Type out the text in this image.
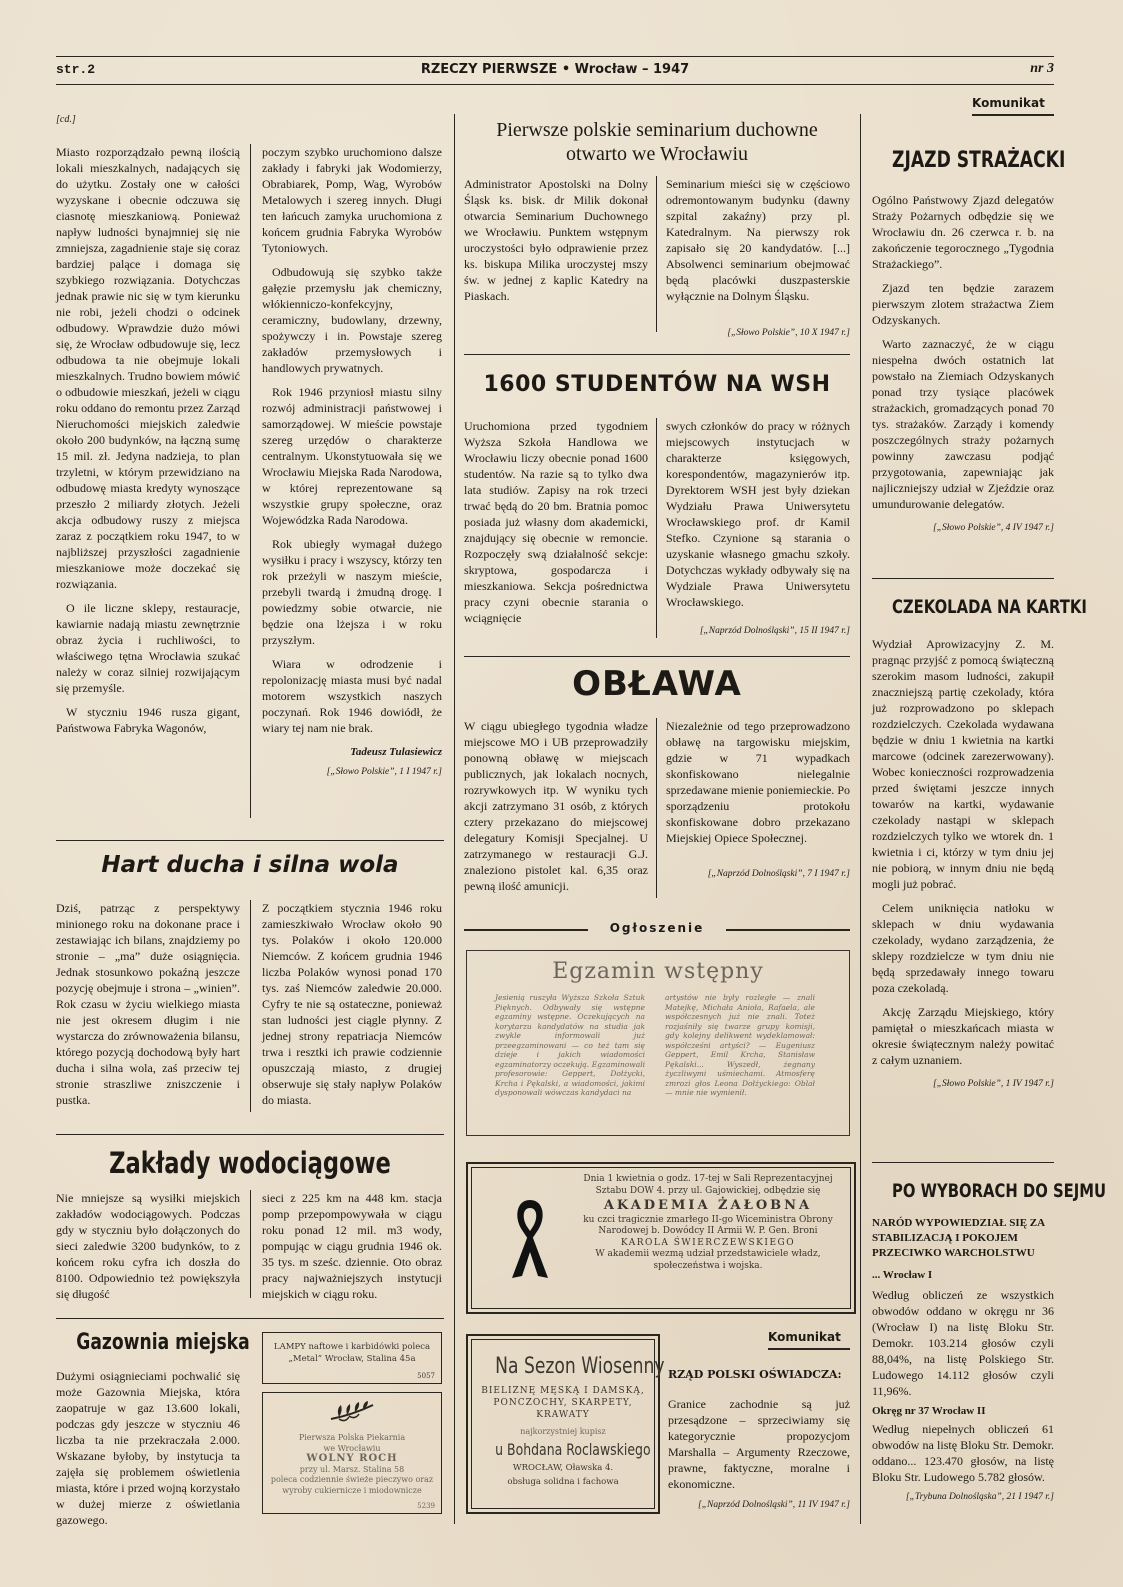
str.2	RZECZY PIERWSZE • Wrocław – 1947	nr 3
[cd.]

Miasto rozporządzało pewną ilością lokali mieszkalnych, nadających się do użytku. Zostały one w całości wyzyskane i obecnie odczuwa się ciasnotę mieszkaniową. Ponieważ napływ ludności bynajmniej się nie zmniejsza, zagadnienie staje się coraz bardziej palące i domaga się szybkiego rozwiązania. Dotychczas jednak prawie nic się w tym kierunku nie robi, jeżeli chodzi o odcinek odbudowy. Wprawdzie dużo mówi się, że Wrocław odbudowuje się, lecz odbudowa ta nie obejmuje lokali mieszkalnych. Trudno bowiem mówić o odbudowie mieszkań, jeżeli w ciągu roku oddano do remontu przez Zarząd Nieruchomości miejskich zaledwie około 200 budynków, na łączną sumę 15 mil. zł. Jedyna nadzieja, to plan trzyletni, w którym przewidziano na odbudowę miasta kredyty wynoszące przeszło 2 miliardy złotych. Jeżeli akcja odbudowy ruszy z miejsca zaraz z początkiem roku 1947, to w najbliższej przyszłości zagadnienie mieszkaniowe może doczekać się rozwiązania.

O ile liczne sklepy, restauracje, kawiarnie nadają miastu zewnętrznie obraz życia i ruchliwości, to właściwego tętna Wrocławia szukać należy w coraz silniej rozwijającym się przemyśle.

W styczniu 1946 rusza gigant, Państwowa Fabryka Wagonów,

poczym szybko uruchomiono dalsze zakłady i fabryki jak Wodomierzy, Obrabiarek, Pomp, Wag, Wyrobów Metalowych i szereg innych. Długi ten łańcuch zamyka uruchomiona z końcem grudnia Fabryka Wyrobów Tytoniowych.

Odbudowują się szybko także gałęzie przemysłu jak chemiczny, włókienniczo-konfekcyjny, ceramiczny, budowlany, drzewny, spożywczy i in. Powstaje szereg zakładów przemysłowych i handlowych prywatnych.

Rok 1946 przyniosł miastu silny rozwój administracji państwowej i samorządowej. W mieście powstaje szereg urzędów o charakterze centralnym. Ukonstytuowała się we Wrocławiu Miejska Rada Narodowa, w której reprezentowane są wszystkie grupy społeczne, oraz Wojewódzka Rada Narodowa.

Rok ubiegły wymagał dużego wysiłku i pracy i wszyscy, którzy ten rok przeżyli w naszym mieście, przebyli twardą i żmudną drogę. I powiedzmy sobie otwarcie, nie będzie ona lżejsza i w roku przyszłym.

Wiara w odrodzenie i repolonizację miasta musi być nadal motorem wszystkich naszych poczynań. Rok 1946 dowiódł, że wiary tej nam nie brak.

Tadeusz Tulasiewicz
[„Słowo Polskie”, 1 I 1947 r.]
Hart ducha i silna wola
Dziś, patrząc z perspektywy minionego roku na dokonane prace i zestawiając ich bilans, znajdziemy po stronie – „ma” duże osiągnięcia. Jednak stosunkowo pokaźną jeszcze pozycję obejmuje i strona – „winien”. Rok czasu w życiu wielkiego miasta nie jest okresem długim i nie wystarcza do zrównoważenia bilansu, którego pozycją dochodową były hart ducha i silna wola, zaś przeciw tej stronie straszliwe zniszczenie i pustka.
Z początkiem stycznia 1946 roku zamieszkiwało Wrocław około 90 tys. Polaków i około 120.000 Niemców. Z końcem grudnia 1946 liczba Polaków wynosi ponad 170 tys. zaś Niemców zaledwie 20.000. Cyfry te nie są ostateczne, ponieważ stan ludności jest ciągle płynny. Z jednej strony repatriacja Niemców trwa i resztki ich prawie codziennie opuszczają miasto, z drugiej obserwuje się stały napływ Polaków do miasta.
Zakłady wodociągowe
Nie mniejsze są wysiłki miejskich zakładów wodociągowych. Podczas gdy w styczniu było dołączonych do sieci zaledwie 3200 budynków, to z końcem roku cyfra ich doszła do 8100. Odpowiednio też powiększyła się długość
sieci z 225 km na 448 km. stacja pomp przepompowywała w ciągu roku ponad 12 mil. m3 wody, pompując w ciągu grudnia 1946 ok. 35 tys. m sześc. dziennie. Oto obraz pracy najważniejszych instytucji miejskich w ciągu roku.
Gazownia miejska
Dużymi osiągnieciami pochwalić się może Gazownia Miejska, która zaopatruje w gaz 13.600 lokali, podczas gdy jeszcze w styczniu 46 liczba ta nie przekraczała 2.000. Wskazane byłoby, by instytucja ta zajęła się problemem oświetlenia miasta, które i przed wojną korzystało w dużej mierze z oświetlania gazowego.
LAMPY naftowe i karbidówki poleca „Metal” Wrocław, Stalina 45a
5057
Pierwsza Polska Piekarnia
we Wrocławiu
WOLNY ROCH
przy ul. Marsz. Stalina 58
poleca codziennie świeże pieczywo oraz wyroby cukiernicze i miodownicze
5239
Pierwsze polskie seminarium duchowne otwarto we Wrocławiu
Administrator Apostolski na Dolny Śląsk ks. bisk. dr Milik dokonał otwarcia Seminarium Duchownego we Wrocławiu. Punktem wstępnym uroczystości było odprawienie przez ks. biskupa Milika uroczystej mszy św. w jednej z kaplic Katedry na Piaskach.
Seminarium mieści się w częściowo odremontowanym budynku (dawny szpital zakaźny) przy pl. Katedralnym. Na pierwszy rok zapisało się 20 kandydatów. [...] Absolwenci seminarium obejmować będą placówki duszpasterskie wyłącznie na Dolnym Śląsku.
[„Słowo Polskie”, 10 X 1947 r.]
1600 STUDENTÓW NA WSH
Uruchomiona przed tygodniem Wyższa Szkoła Handlowa we Wrocławiu liczy obecnie ponad 1600 studentów. Na razie są to tylko dwa lata studiów. Zapisy na rok trzeci trwać będą do 20 bm. Bratnia pomoc posiada już własny dom akademicki, znajdujący się obecnie w remoncie. Rozpoczęły swą działalność sekcje: skryptowa, gospodarcza i mieszkaniowa. Sekcja pośrednictwa pracy czyni obecnie starania o wciągnięcie
swych członków do pracy w różnych miejscowych instytucjach w charakterze księgowych, korespondentów, magazynierów itp. Dyrektorem WSH jest były dziekan Wydziału Prawa Uniwersytetu Wrocławskiego prof. dr Kamil Stefko. Czynione są starania o uzyskanie własnego gmachu szkoły. Dotychczas wykłady odbywały się na Wydziale Prawa Uniwersytetu Wrocławskiego.
[„Naprzód Dolnośląski”, 15 II 1947 r.]
OBŁAWA
W ciągu ubiegłego tygodnia władze miejscowe MO i UB przeprowadziły ponowną obławę w miejscach publicznych, jak lokalach nocnych, rozrywkowych itp. W wyniku tych akcji zatrzymano 31 osób, z których cztery przekazano do miejscowej delegatury Komisji Specjalnej. U zatrzymanego w restauracji G.J. znaleziono pistolet kal. 6,35 oraz pewną ilość amunicji.
Niezależnie od tego przeprowadzono obławę na targowisku miejskim, gdzie w 71 wypadkach skonfiskowano nielegalnie sprzedawane mienie poniemieckie. Po sporządzeniu protokołu skonfiskowane dobro przekazano Miejskiej Opiece Społecznej.
[„Naprzód Dolnośląski”, 7 I 1947 r.]
Ogłoszenie
Egzamin wstępny
Jesienią ruszyła Wyższa Szkoła Sztuk Pięknych. Odbywały się wstępne egzaminy wstępne. Oczekujących na korytarzu kandydatów na studia jak zwykle informowali już przeegzaminowani — co też tam się dzieje i jakich wiadomości egzaminatorzy oczekują. Egzaminowali profesorowie: Geppert, Dołżycki, Krcha i Pękalski, a wiadomości, jakimi dysponowali wówczas kandydaci na
artystów nie były rozległe — znali Matejkę, Michała Anioła, Rafaela, ale współczesnych już nie znali. Toteż rozjaśniły się twarze grupy komisji, gdy kolejny delikwent wydeklamował: współcześni artyści? — Eugeniusz Geppert, Emil Krcha, Stanisław Pękalski... Wyszedł, żegnany życzliwymi uśmiechami. Atmosferę zmrozi głos Leona Dołżyckiego: Oblał — mnie nie wymienił.
Dnia 1 kwietnia o godz. 17-tej w Sali Reprezentacyjnej Sztabu DOW 4. przy ul. Gajowickiej, odbędzie się
AKADEMIA ŻAŁOBNA
ku czci tragicznie zmarłego II-go Wiceministra Obrony Narodowej b. Dowódcy II Armii W. P. Gen. Broni
KAROLA ŚWIERCZEWSKIEGO
W akademii wezmą udział przedstawiciele władz, społeczeństwa i wojska.
Na Sezon Wiosenny
BIELIZNĘ MĘSKĄ I DAMSKĄ, PONCZOCHY, SKARPETY, KRAWATY
najkorzystniej kupisz
u Bohdana Roclawskiego
WROCŁAW, Oławska 4.
obsługa solidna i fachowa
Komunikat
RZĄD POLSKI OŚWIADCZA:
Granice zachodnie są już przesądzone – sprzeciwiamy się kategorycznie propozycjom Marshalla – Argumenty Rzeczowe, prawne, faktyczne, moralne i ekonomiczne.
[„Naprzód Dolnośląski”, 11 IV 1947 r.]
Komunikat
ZJAZD STRAŻACKI

Ogólno Państwowy Zjazd delegatów Straży Pożarnych odbędzie się we Wrocławiu dn. 26 czerwca r. b. na zakończenie tegorocznego „Tygodnia Strażackiego”.

Zjazd ten będzie zarazem pierwszym zlotem strażactwa Ziem Odzyskanych.

Warto zaznaczyć, że w ciągu niespełna dwóch ostatnich lat powstało na Ziemiach Odzyskanych ponad trzy tysiące placówek strażackich, gromadzących ponad 70 tys. strażaków. Zarządy i komendy poszczególnych straży pożarnych powinny zawczasu podjąć przygotowania, zapewniając jak najliczniejszy udział w Zjeździe oraz umundurowanie delegatów.

[„Słowo Polskie”, 4 IV 1947 r.]
CZEKOLADA NA KARTKI

Wydział Aprowizacyjny Z. M. pragnąc przyjść z pomocą świąteczną szerokim masom ludności, zakupił znaczniejszą partię czekolady, która już rozprowadzono po sklepach rozdzielczych. Czekolada wydawana będzie w dniu 1 kwietnia na kartki marcowe (odcinek zarezerwowany). Wobec konieczności rozprowadzenia przed świętami jeszcze innych towarów na kartki, wydawanie czekolady nastąpi w sklepach rozdzielczych tylko we wtorek dn. 1 kwietnia i ci, którzy w tym dniu jej nie pobiorą, w innym dniu nie będą mogli już pobrać.

Celem uniknięcia natłoku w sklepach w dniu wydawania czekolady, wydano zarządzenia, że sklepy rozdzielcze w tym dniu nie będą sprzedawały innego towaru poza czekoladą.

Akcję Zarządu Miejskiego, który pamiętał o mieszkańcach miasta w okresie świątecznym należy powitać z całym uznaniem.

[„Słowo Polskie”, 1 IV 1947 r.]
PO WYBORACH DO SEJMU
NARÓD WYPOWIEDZIAŁ SIĘ ZA STABILIZACJĄ I POKOJEM PRZECIWKO WARCHOLSTWU
... Wrocław I
Według obliczeń ze wszystkich obwodów oddano w okręgu nr 36 (Wrocław I) na listę Bloku Str. Demokr. 103.214 głosów czyli 88,04%, na listę Polskiego Str. Ludowego 14.112 głosów czyli 11,96%.
Okręg nr 37 Wrocław II
Według niepełnych obliczeń 61 obwodów na listę Bloku Str. Demokr. oddano... 123.470 głosów, na listę Bloku Str. Ludowego 5.782 głosów.
[„Trybuna Dolnośląska”, 21 I 1947 r.]
